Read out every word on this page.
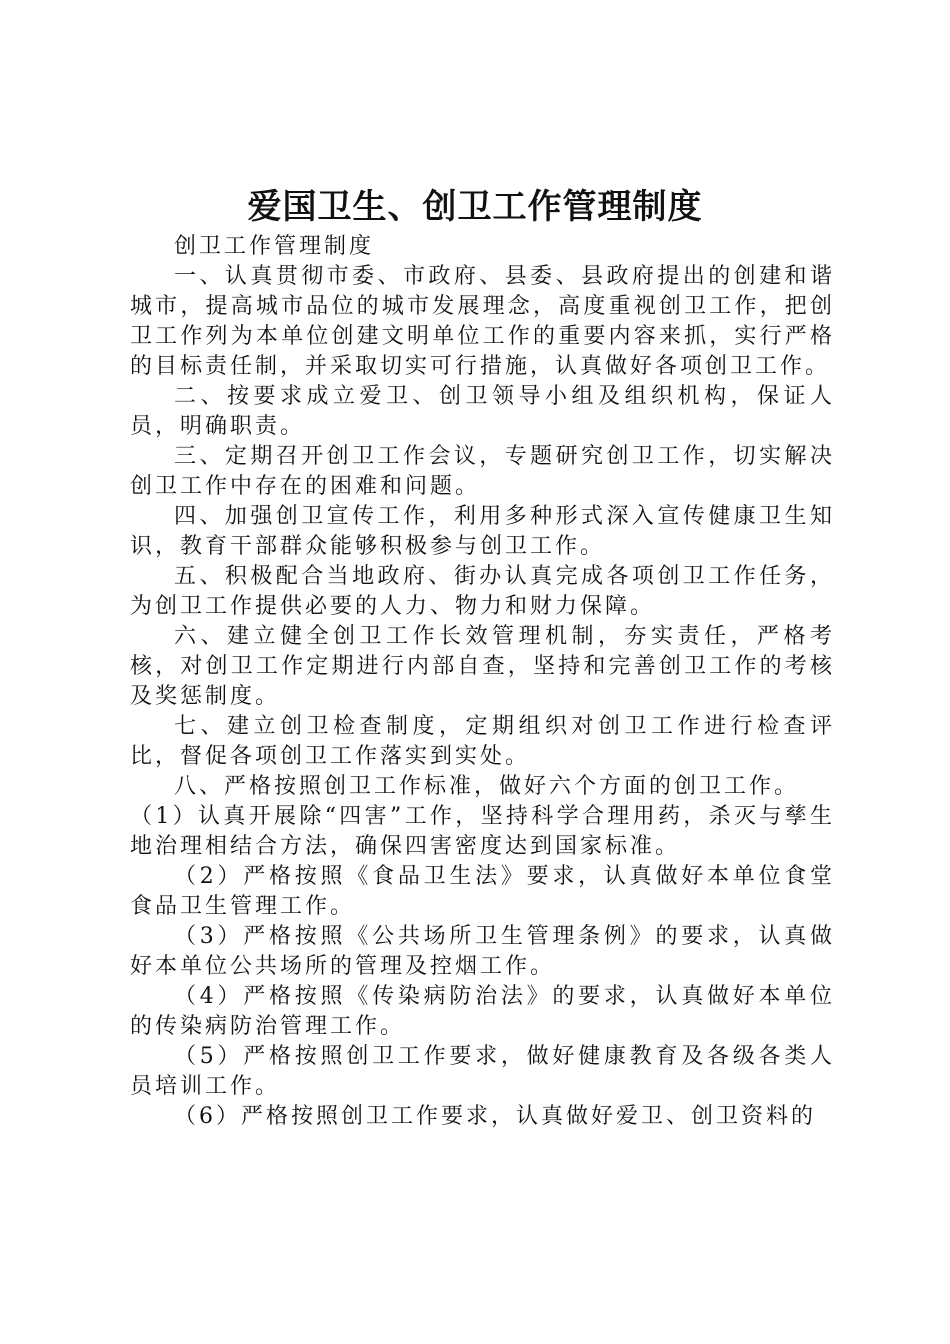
爱国卫生、创卫工作管理制度

创卫工作管理制度

一、认真贯彻市委、市政府、县委、县政府提出的创建和谐城市，提高城市品位的城市发展理念，高度重视创卫工作，把创卫工作列为本单位创建文明单位工作的重要内容来抓，实行严格的目标责任制，并采取切实可行措施，认真做好各项创卫工作。

二、按要求成立爱卫、创卫领导小组及组织机构，保证人员，明确职责。

三、定期召开创卫工作会议，专题研究创卫工作，切实解决创卫工作中存在的困难和问题。

四、加强创卫宣传工作，利用多种形式深入宣传健康卫生知识，教育干部群众能够积极参与创卫工作。

五、积极配合当地政府、街办认真完成各项创卫工作任务，为创卫工作提供必要的人力、物力和财力保障。

六、建立健全创卫工作长效管理机制，夯实责任，严格考核，对创卫工作定期进行内部自查，坚持和完善创卫工作的考核及奖惩制度。

七、建立创卫检查制度，定期组织对创卫工作进行检查评比，督促各项创卫工作落实到实处。

八、严格按照创卫工作标准，做好六个方面的创卫工作。

（1）认真开展除“四害”工作，坚持科学合理用药，杀灭与孳生地治理相结合方法，确保四害密度达到国家标准。

（2）严格按照《食品卫生法》要求，认真做好本单位食堂食品卫生管理工作。

（3）严格按照《公共场所卫生管理条例》的要求，认真做好本单位公共场所的管理及控烟工作。

（4）严格按照《传染病防治法》的要求，认真做好本单位的传染病防治管理工作。

（5）严格按照创卫工作要求，做好健康教育及各级各类人员培训工作。

（6）严格按照创卫工作要求，认真做好爱卫、创卫资料的
